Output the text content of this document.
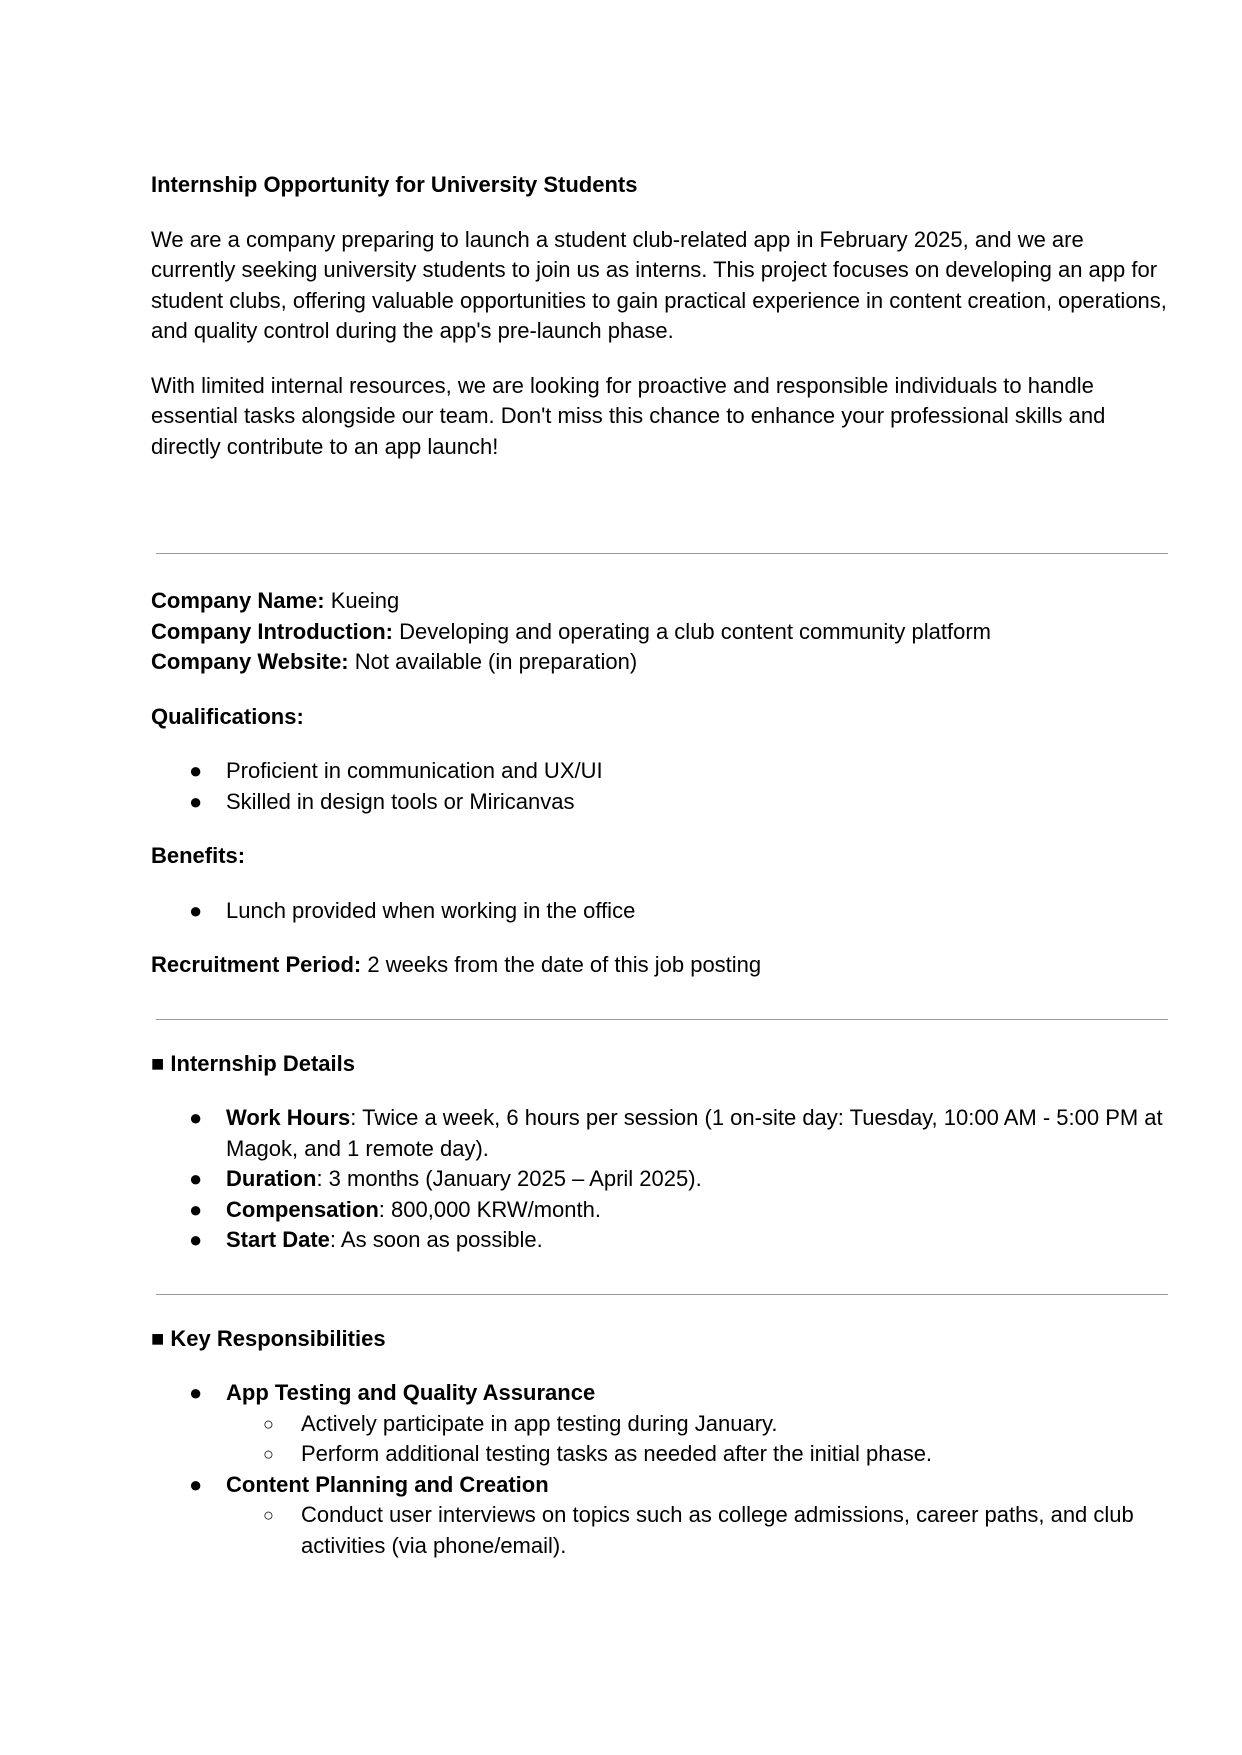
Internship Opportunity for University Students

We are a company preparing to launch a student club-related app in February 2025, and we are currently seeking university students to join us as interns. This project focuses on developing an app for student clubs, offering valuable opportunities to gain practical experience in content creation, operations, and quality control during the app's pre-launch phase.

With limited internal resources, we are looking for proactive and responsible individuals to handle essential tasks alongside our team. Don't miss this chance to enhance your professional skills and directly contribute to an app launch!

Company Name: Kueing

Company Introduction: Developing and operating a club content community platform

Company Website: Not available (in preparation)

Qualifications:

● Proficient in communication and UX/UI
● Skilled in design tools or Miricanvas

Benefits:

● Lunch provided when working in the office

Recruitment Period: 2 weeks from the date of this job posting

■ Internship Details

● Work Hours: Twice a week, 6 hours per session (1 on-site day: Tuesday, 10:00 AM - 5:00 PM at Magok, and 1 remote day).
● Duration: 3 months (January 2025 – April 2025).
● Compensation: 800,000 KRW/month.
● Start Date: As soon as possible.

■ Key Responsibilities

● App Testing and Quality Assurance
○ Actively participate in app testing during January.
○ Perform additional testing tasks as needed after the initial phase.
● Content Planning and Creation
○ Conduct user interviews on topics such as college admissions, career paths, and club activities (via phone/email).
